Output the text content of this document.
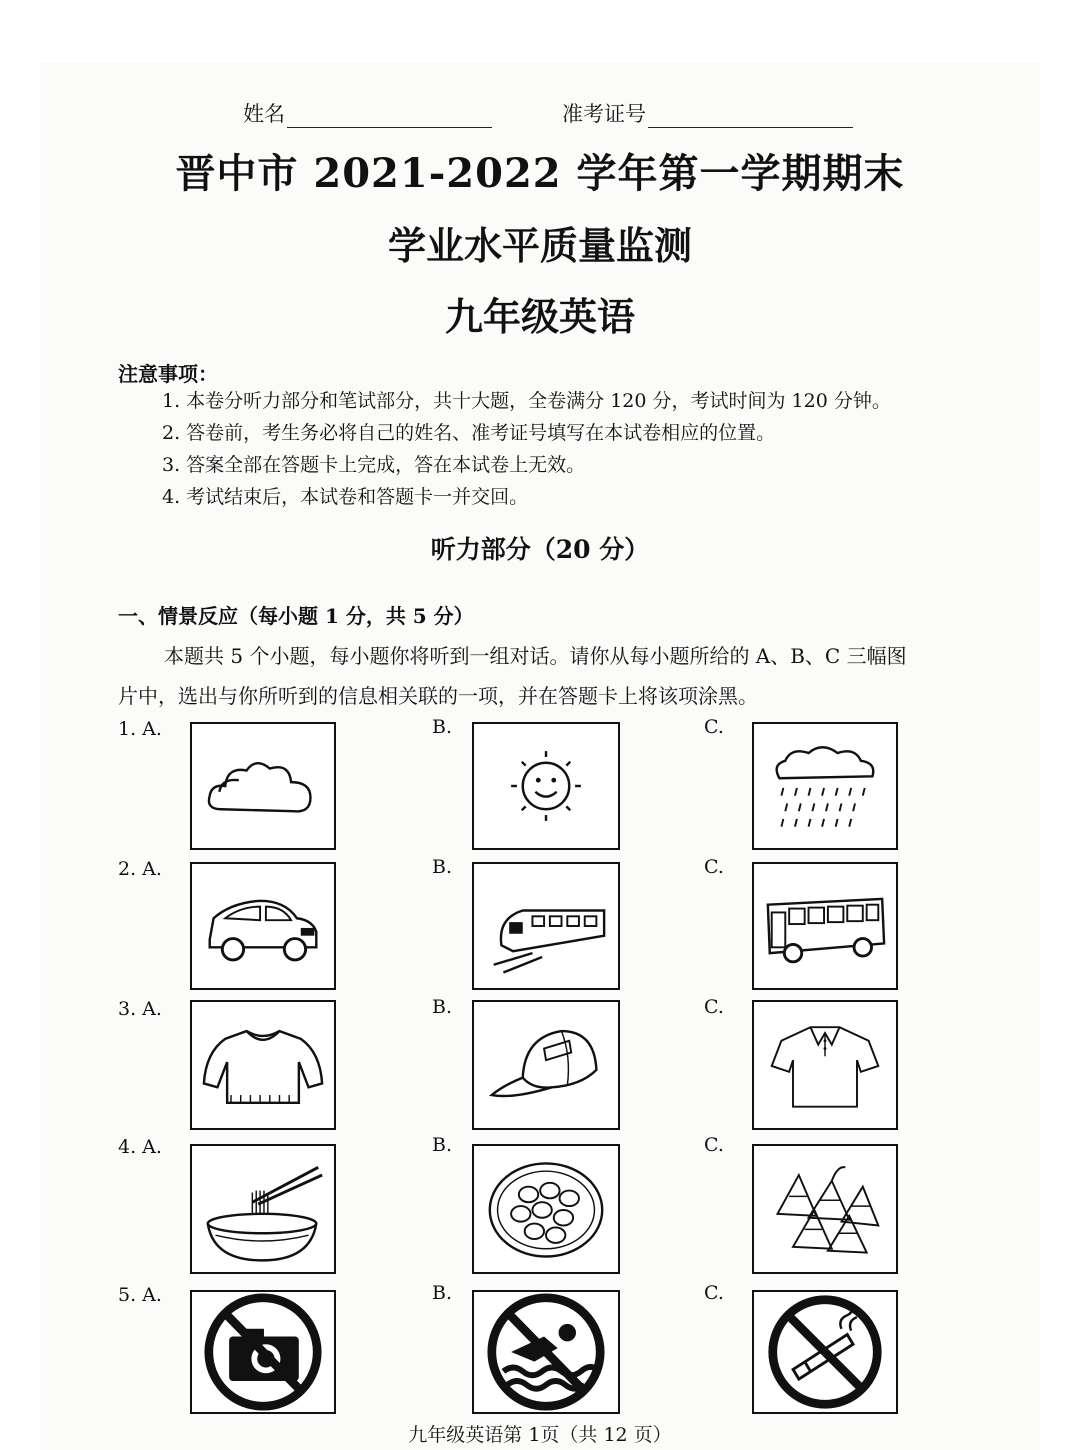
姓名	准考证号
晋中市 2021-2022 学年第一学期期末
学业水平质量监测
九年级英语
注意事项：
1. 本卷分听力部分和笔试部分，共十大题，全卷满分 120 分，考试时间为 120 分钟。
2. 答卷前，考生务必将自己的姓名、准考证号填写在本试卷相应的位置。
3. 答案全部在答题卡上完成，答在本试卷上无效。
4. 考试结束后，本试卷和答题卡一并交回。
听力部分（20 分）
一、情景反应（每小题 1 分，共 5 分）
本题共 5 个小题，每小题你将听到一组对话。请你从每小题所给的 A、B、C 三幅图
片中，选出与你所听到的信息相关联的一项，并在答题卡上将该项涂黑。
1. A.	B.	C.
2. A.	B.	C.
3. A.	B.	C.
4. A.	B.	C.
5. A.	B.	C.
九年级英语第 1页（共 12 页）
